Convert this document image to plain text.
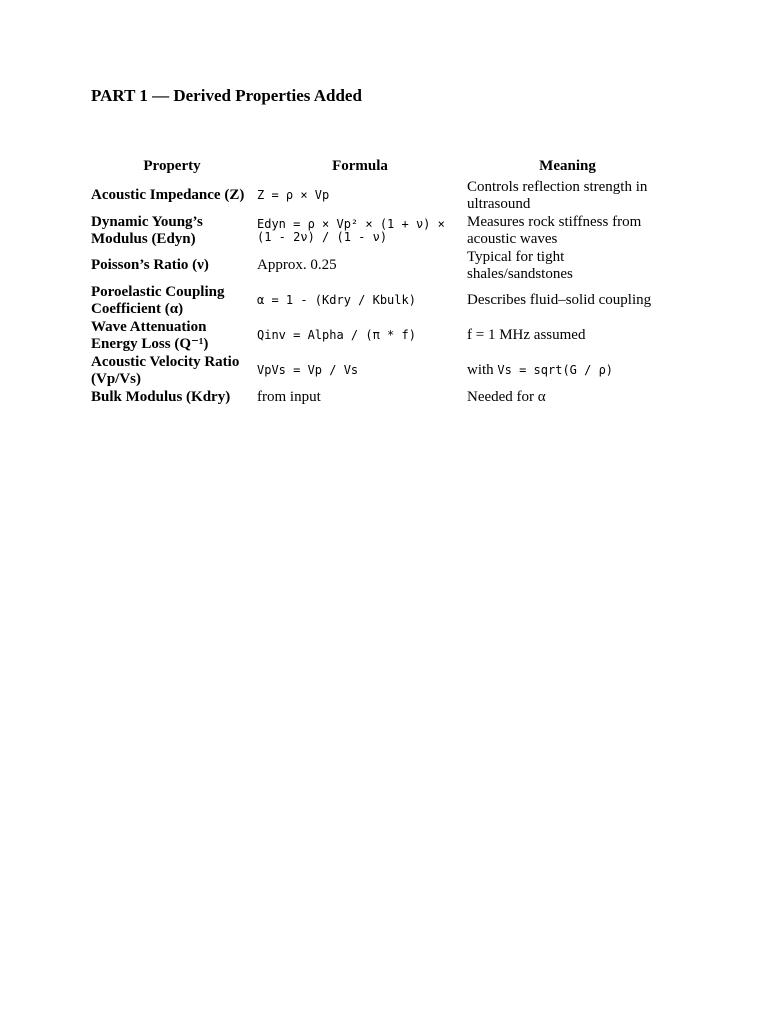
PART 1 — Derived Properties Added
Property	Formula	Meaning
Acoustic Impedance (Z)	Z = ρ × Vp	Controls reflection strength in ultrasound
Dynamic Young’s Modulus (Edyn)	Edyn = ρ × Vp² × (1 + ν) × (1 - 2ν) / (1 - ν)	Measures rock stiffness from acoustic waves
Poisson’s Ratio (ν)	Approx. 0.25	Typical for tight shales/sandstones
Poroelastic Coupling Coefficient (α)	α = 1 - (Kdry / Kbulk)	Describes fluid–solid coupling
Wave Attenuation Energy Loss (Q⁻¹)	Qinv = Alpha / (π * f)	f = 1 MHz assumed
Acoustic Velocity Ratio (Vp/Vs)	VpVs = Vp / Vs	with Vs = sqrt(G / ρ)
Bulk Modulus (Kdry)	from input	Needed for α
